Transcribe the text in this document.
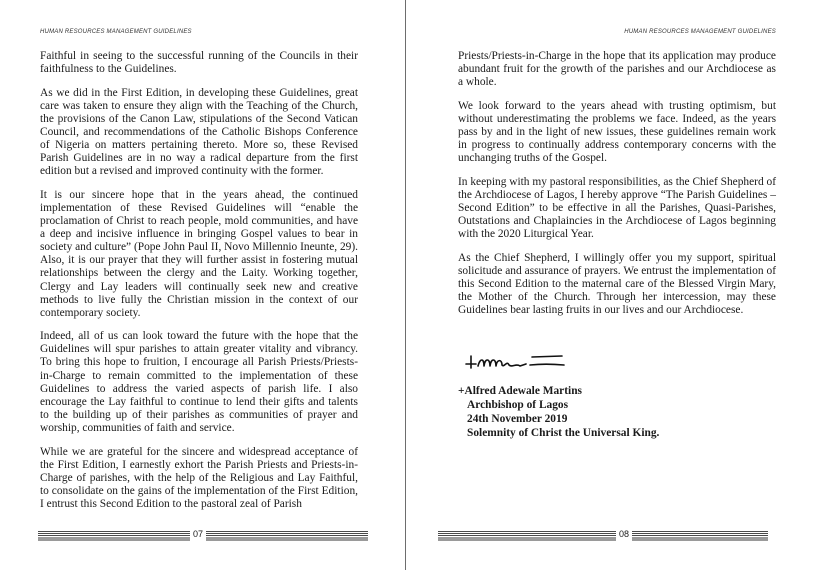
HUMAN RESOURCES MANAGEMENT GUIDELINES

Faithful in seeing to the successful running of the Councils in their faithfulness to the Guidelines.

As we did in the First Edition, in developing these Guidelines, great care was taken to ensure they align with the Teaching of the Church, the provisions of the Canon Law, stipulations of the Second Vatican Council, and recommendations of the Catholic Bishops Conference of Nigeria on matters pertaining thereto. More so, these Revised Parish Guidelines are in no way a radical departure from the first edition but a revised and improved continuity with the former.

It is our sincere hope that in the years ahead, the continued implementation of these Revised Guidelines will “enable the proclamation of Christ to reach people, mold communities, and have a deep and incisive influence in bringing Gospel values to bear in society and culture” (Pope John Paul II, Novo Millennio Ineunte, 29). Also, it is our prayer that they will further assist in fostering mutual relationships between the clergy and the Laity. Working together, Clergy and Lay leaders will continually seek new and creative methods to live fully the Christian mission in the context of our contemporary society.

Indeed, all of us can look toward the future with the hope that the Guidelines will spur parishes to attain greater vitality and vibrancy. To bring this hope to fruition, I encourage all Parish Priests/Priests-in-Charge to remain committed to the implementation of these Guidelines to address the varied aspects of parish life. I also encourage the Lay faithful to continue to lend their gifts and talents to the building up of their parishes as communities of prayer and worship, communities of faith and service.

While we are grateful for the sincere and widespread acceptance of the First Edition, I earnestly exhort the Parish Priests and Priests-in-Charge of parishes, with the help of the Religious and Lay Faithful, to consolidate on the gains of the implementation of the First Edition, I entrust this Second Edition to the pastoral zeal of Parish

07
HUMAN RESOURCES MANAGEMENT GUIDELINES

Priests/Priests-in-Charge in the hope that its application may produce abundant fruit for the growth of the parishes and our Archdiocese as a whole.

We look forward to the years ahead with trusting optimism, but without underestimating the problems we face. Indeed, as the years pass by and in the light of new issues, these guidelines remain work in progress to continually address contemporary concerns with the unchanging truths of the Gospel.

In keeping with my pastoral responsibilities, as the Chief Shepherd of the Archdiocese of Lagos, I hereby approve “The Parish Guidelines – Second Edition” to be effective in all the Parishes, Quasi-Parishes, Outstations and Chaplaincies in the Archdiocese of Lagos beginning with the 2020 Liturgical Year.

As the Chief Shepherd, I willingly offer you my support, spiritual solicitude and assurance of prayers. We entrust the implementation of this Second Edition to the maternal care of the Blessed Virgin Mary, the Mother of the Church. Through her intercession, may these Guidelines bear lasting fruits in our lives and our Archdiocese.

+Alfred Adewale Martins
Archbishop of Lagos
24th November 2019
Solemnity of Christ the Universal King.
08
